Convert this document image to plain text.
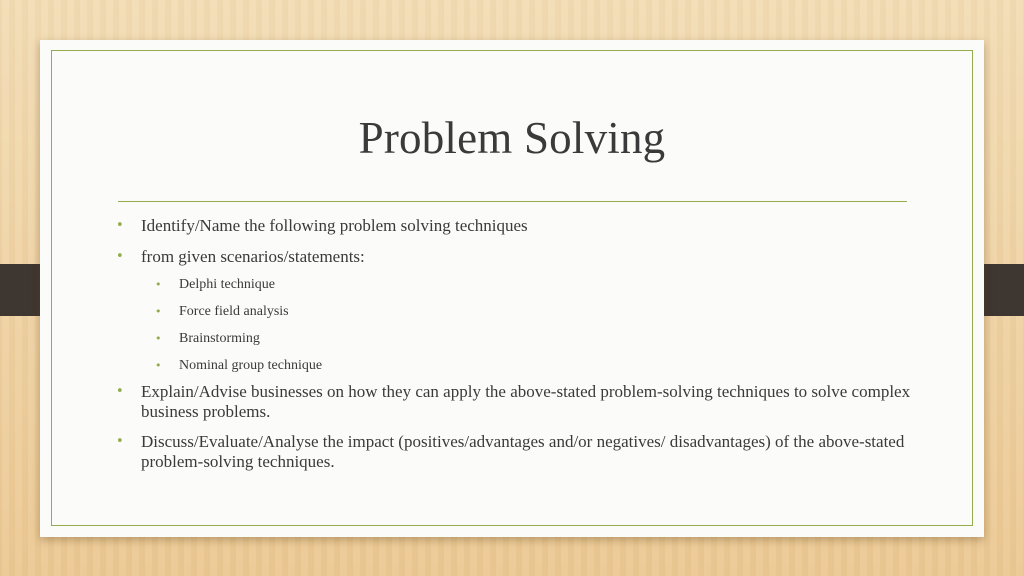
Problem Solving
• Identify/Name the following problem solving techniques
• from given scenarios/statements:
• Delphi technique
• Force field analysis
• Brainstorming
• Nominal group technique
• Explain/Advise businesses on how they can apply the above-stated problem-solving techniques to solve complex business problems.
• Discuss/Evaluate/Analyse the impact (positives/advantages and/or negatives/ disadvantages) of the above-stated problem-solving techniques.
